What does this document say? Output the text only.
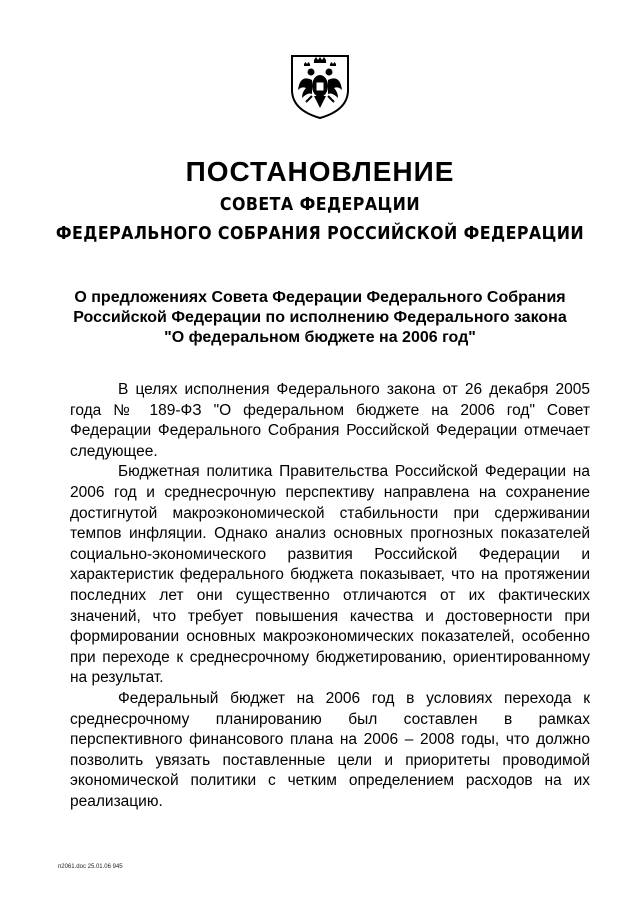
ПОСТАНОВЛЕНИЕ
СОВЕТА ФЕДЕРАЦИИ
ФЕДЕРАЛЬНОГО СОБРАНИЯ РОССИЙСКОЙ ФЕДЕРАЦИИ
О предложениях Совета Федерации Федерального Собрания
Российской Федерации по исполнению Федерального закона
"О федеральном бюджете на 2006 год"

В целях исполнения Федерального закона от 26 декабря 2005 года № 189-ФЗ "О федеральном бюджете на 2006 год" Совет Федерации Федерального Собрания Российской Федерации отмечает следующее.

Бюджетная политика Правительства Российской Федерации на 2006 год и среднесрочную перспективу направлена на сохранение достигнутой макроэкономической стабильности при сдерживании темпов инфляции. Однако анализ основных прогнозных показателей социально-экономического развития Российской Федерации и характеристик федерального бюджета показывает, что на протяжении последних лет они существенно отличаются от их фактических значений, что требует повышения качества и достоверности при формировании основных макроэкономических показателей, особенно при переходе к среднесрочному бюджетированию, ориентированному на результат.

Федеральный бюджет на 2006 год в условиях перехода к среднесрочному планированию был составлен в рамках перспективного финансового плана на 2006 – 2008 годы, что должно позволить увязать поставленные цели и приоритеты проводимой экономической политики с четким определением расходов на их реализацию.

п2061.doc 25.01.06 945
